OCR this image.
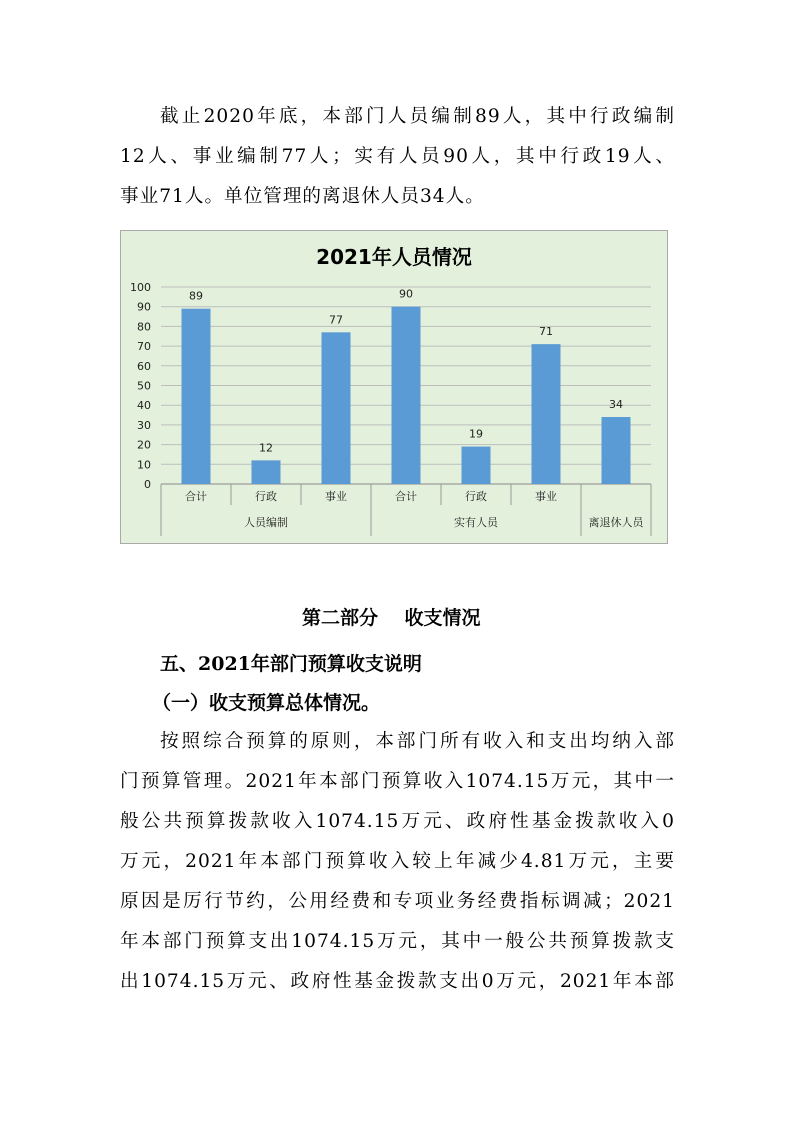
截止2020年底，本部门人员编制89人，其中行政编制
12人、事业编制77人；实有人员90人，其中行政19人、
事业71人。单位管理的离退休人员34人。
2021年人员情况
0
10
20
30
40
50
60
70
80
90
100
89
合计
12
行政
77
事业
90
合计
19
行政
71
事业
34
人员编制	实有人员	离退休人员
第二部分    收支情况
五、2021年部门预算收支说明
（一）收支预算总体情况。
按照综合预算的原则，本部门所有收入和支出均纳入部
门预算管理。2021年本部门预算收入1074.15万元，其中一
般公共预算拨款收入1074.15万元、政府性基金拨款收入0
万元，2021年本部门预算收入较上年减少4.81万元，主要
原因是厉行节约，公用经费和专项业务经费指标调减；2021
年本部门预算支出1074.15万元，其中一般公共预算拨款支
出1074.15万元、政府性基金拨款支出0万元，2021年本部
